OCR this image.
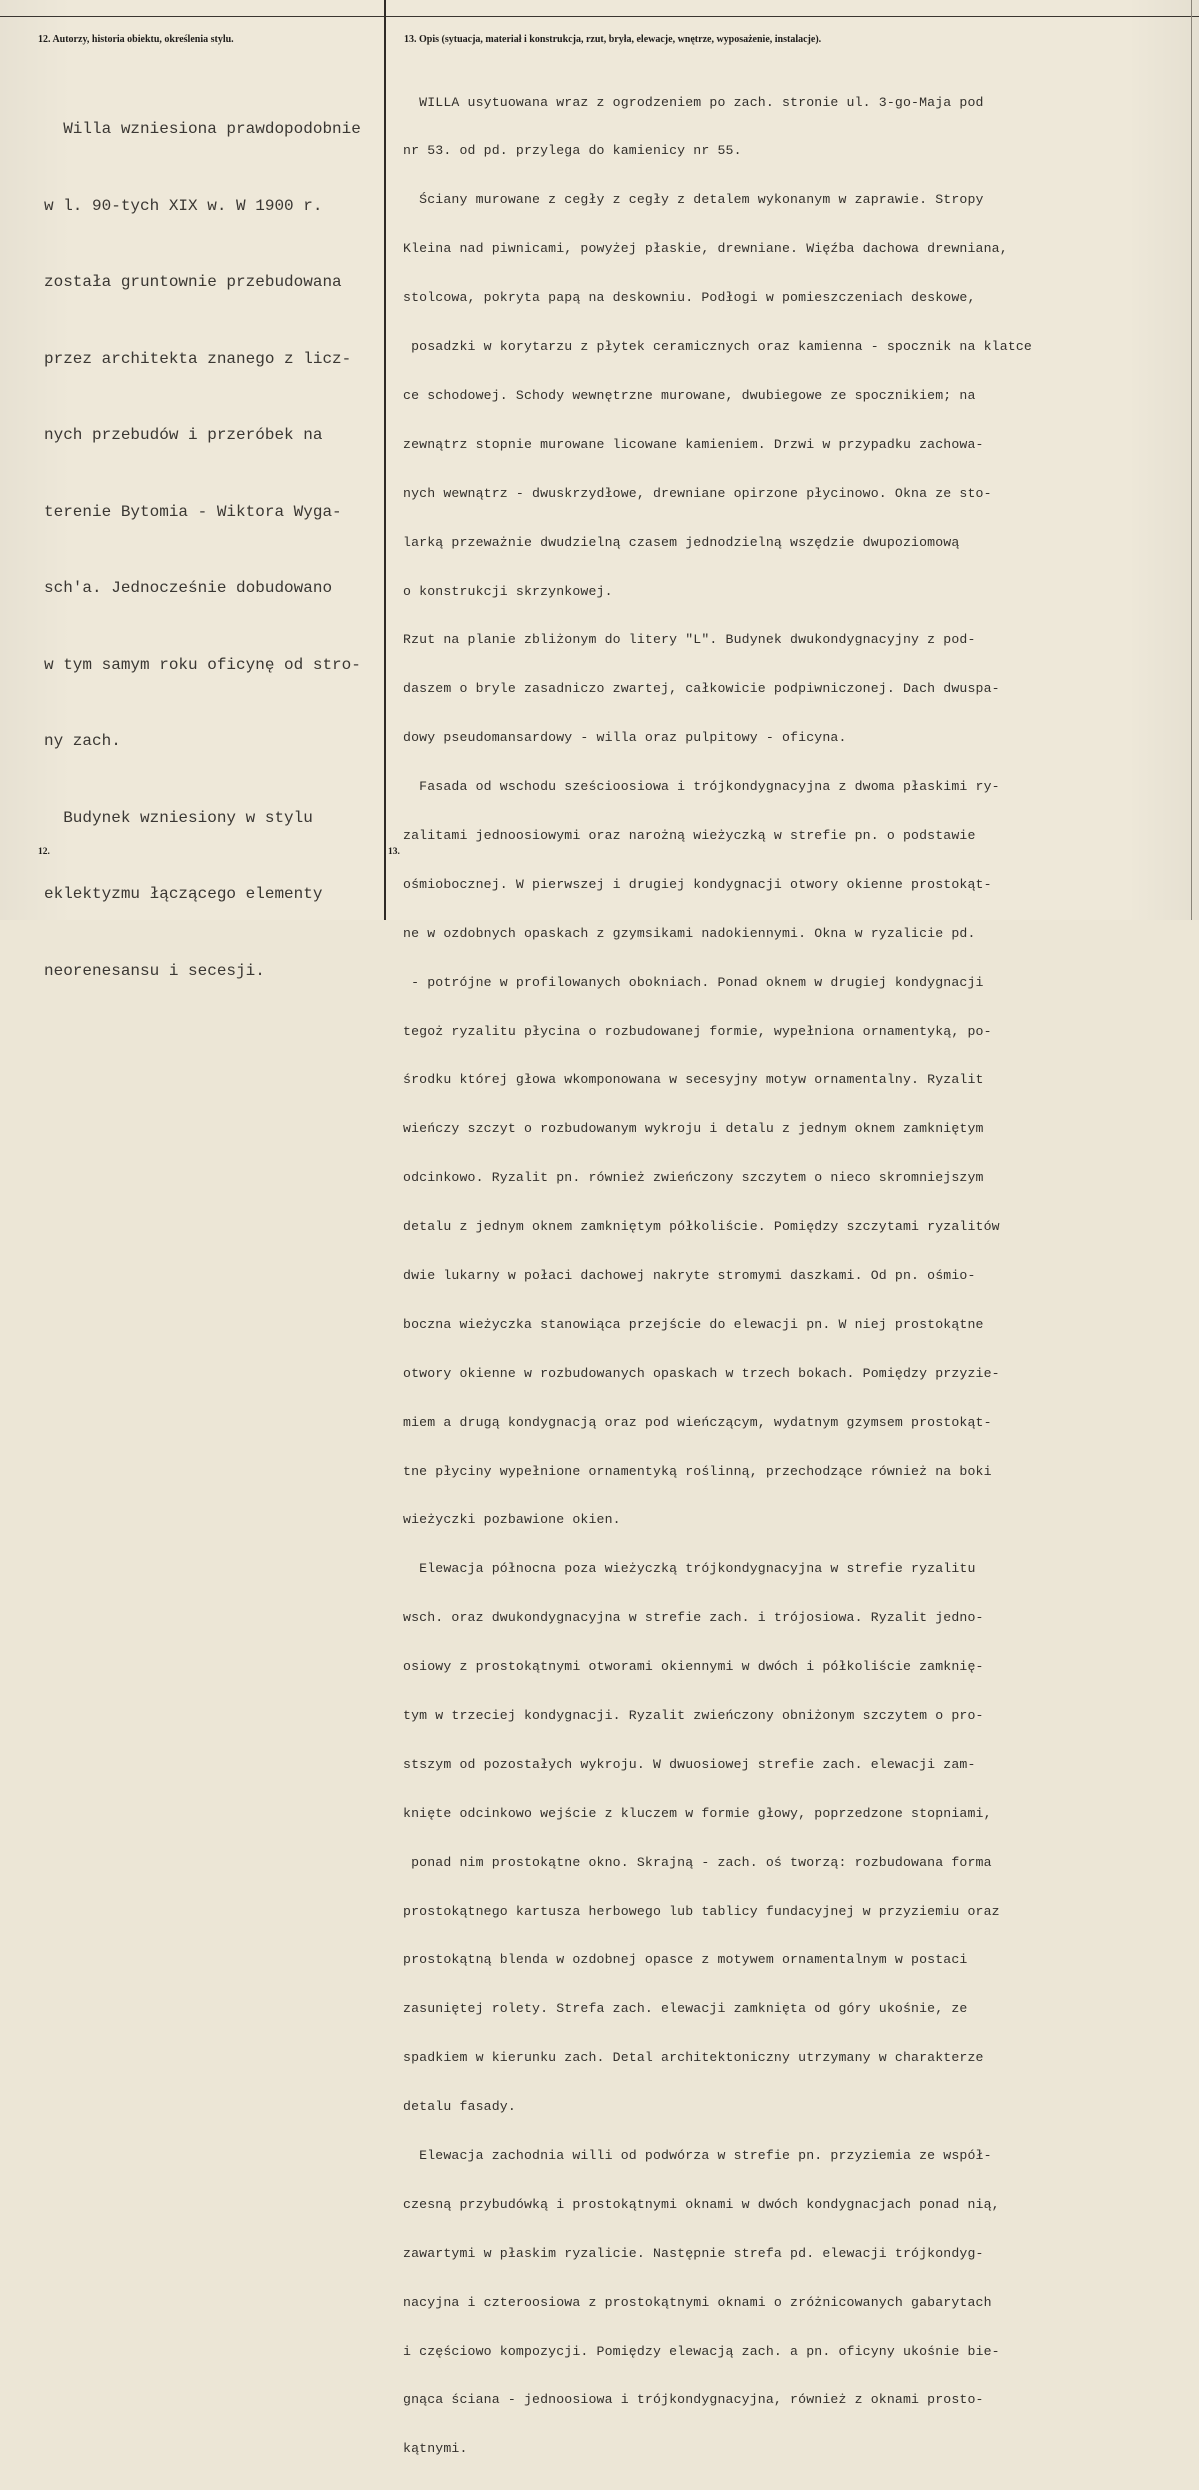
12. Autorzy, historia obiektu, określenia stylu.	13. Opis (sytuacja, materiał i konstrukcja, rzut, bryła, elewacje, wnętrze, wyposażenie, instalacje).

Willa wzniesiona prawdopodobnie

w l. 90-tych XIX w. W 1900 r.

została gruntownie przebudowana

przez architekta znanego z licz-

nych przebudów i przeróbek na

terenie Bytomia - Wiktora Wyga-

sch'a. Jednocześnie dobudowano

w tym samym roku oficynę od stro-

ny zach.

Budynek wzniesiony w stylu

eklektyzmu łączącego elementy

neorenesansu i secesji.

WILLA usytuowana wraz z ogrodzeniem po zach. stronie ul. 3-go-Maja pod

nr 53. od pd. przylega do kamienicy nr 55.

Ściany murowane z cegły z cegły z detalem wykonanym w zaprawie. Stropy

Kleina nad piwnicami, powyżej płaskie, drewniane. Więźba dachowa drewniana,

stolcowa, pokryta papą na deskowniu. Podłogi w pomieszczeniach deskowe,

posadzki w korytarzu z płytek ceramicznych oraz kamienna - spocznik na klatce

ce schodowej. Schody wewnętrzne murowane, dwubiegowe ze spocznikiem; na

zewnątrz stopnie murowane licowane kamieniem. Drzwi w przypadku zachowa-

nych wewnątrz - dwuskrzydłowe, drewniane opirzone płycinowo. Okna ze sto-

larką przeważnie dwudzielną czasem jednodzielną wszędzie dwupoziomową

o konstrukcji skrzynkowej.

Rzut na planie zbliżonym do litery "L". Budynek dwukondygnacyjny z pod-

daszem o bryle zasadniczo zwartej, całkowicie podpiwniczonej. Dach dwuspa-

dowy pseudomansardowy - willa oraz pulpitowy - oficyna.

Fasada od wschodu sześcioosiowa i trójkondygnacyjna z dwoma płaskimi ry-

zalitami jednoosiowymi oraz narożną wieżyczką w strefie pn. o podstawie

ośmiobocznej. W pierwszej i drugiej kondygnacji otwory okienne prostokąt-

ne w ozdobnych opaskach z gzymsikami nadokiennymi. Okna w ryzalicie pd.

- potrójne w profilowanych obokniach. Ponad oknem w drugiej kondygnacji

tegoż ryzalitu płycina o rozbudowanej formie, wypełniona ornamentyką, po-

środku której głowa wkomponowana w secesyjny motyw ornamentalny. Ryzalit

wieńczy szczyt o rozbudowanym wykroju i detalu z jednym oknem zamkniętym

odcinkowo. Ryzalit pn. również zwieńczony szczytem o nieco skromniejszym

detalu z jednym oknem zamkniętym półkoliście. Pomiędzy szczytami ryzalitów

dwie lukarny w połaci dachowej nakryte stromymi daszkami. Od pn. ośmio-

boczna wieżyczka stanowiąca przejście do elewacji pn. W niej prostokątne

otwory okienne w rozbudowanych opaskach w trzech bokach. Pomiędzy przyzie-

miem a drugą kondygnacją oraz pod wieńczącym, wydatnym gzymsem prostokąt-

tne płyciny wypełnione ornamentyką roślinną, przechodzące również na boki

wieżyczki pozbawione okien.

Elewacja północna poza wieżyczką trójkondygnacyjna w strefie ryzalitu

wsch. oraz dwukondygnacyjna w strefie zach. i trójosiowa. Ryzalit jedno-

osiowy z prostokątnymi otworami okiennymi w dwóch i półkoliście zamknię-

tym w trzeciej kondygnacji. Ryzalit zwieńczony obniżonym szczytem o pro-

stszym od pozostałych wykroju. W dwuosiowej strefie zach. elewacji zam-

knięte odcinkowo wejście z kluczem w formie głowy, poprzedzone stopniami,

ponad nim prostokątne okno. Skrajną - zach. oś tworzą: rozbudowana forma

prostokątnego kartusza herbowego lub tablicy fundacyjnej w przyziemiu oraz

prostokątną blenda w ozdobnej opasce z motywem ornamentalnym w postaci

zasuniętej rolety. Strefa zach. elewacji zamknięta od góry ukośnie, ze

spadkiem w kierunku zach. Detal architektoniczny utrzymany w charakterze

detalu fasady.

Elewacja zachodnia willi od podwórza w strefie pn. przyziemia ze współ-

czesną przybudówką i prostokątnymi oknami w dwóch kondygnacjach ponad nią,

zawartymi w płaskim ryzalicie. Następnie strefa pd. elewacji trójkondyg-

nacyjna i czteroosiowa z prostokątnymi oknami o zróżnicowanych gabarytach

i częściowo kompozycji. Pomiędzy elewacją zach. a pn. oficyny ukośnie bie-

gnąca ściana - jednoosiowa i trójkondygnacyjna, również z oknami prosto-

kątnymi.

12.	13.
